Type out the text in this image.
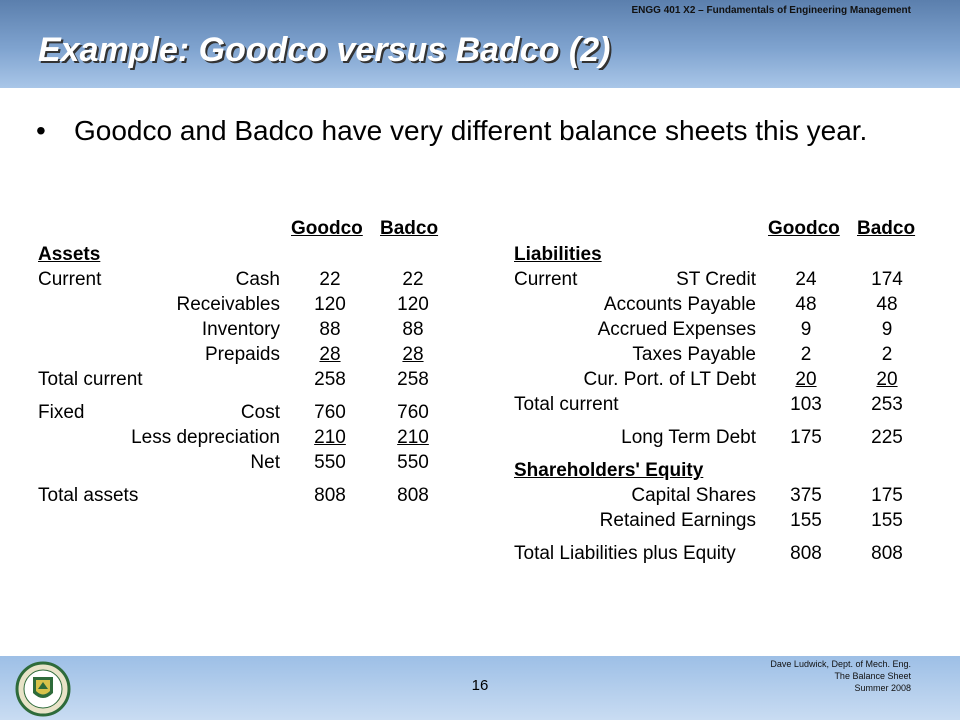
ENGG 401 X2 – Fundamentals of Engineering Management
Example: Goodco versus Badco (2)
• Goodco and Badco have very different balance sheets this year.
Goodco Badco
Assets
Current	Cash	22	22
Receivables	120	120
Inventory	88	88
Prepaids	28	28
Total current	258	258
Fixed	Cost	760	760
Less depreciation	210	210
Net	550	550
Total assets	808	808
Goodco Badco
Liabilities
Current	ST Credit	24	174
Accounts Payable	48	48
Accrued Expenses	9	9
Taxes Payable	2	2
Cur. Port. of LT Debt	20	20
Total current	103	253
Long Term Debt	175	225
Shareholders' Equity
Capital Shares	375	175
Retained Earnings	155	155
Total Liabilities plus Equity	808	808
16
Dave Ludwick, Dept. of Mech. Eng.
The Balance Sheet
Summer 2008
